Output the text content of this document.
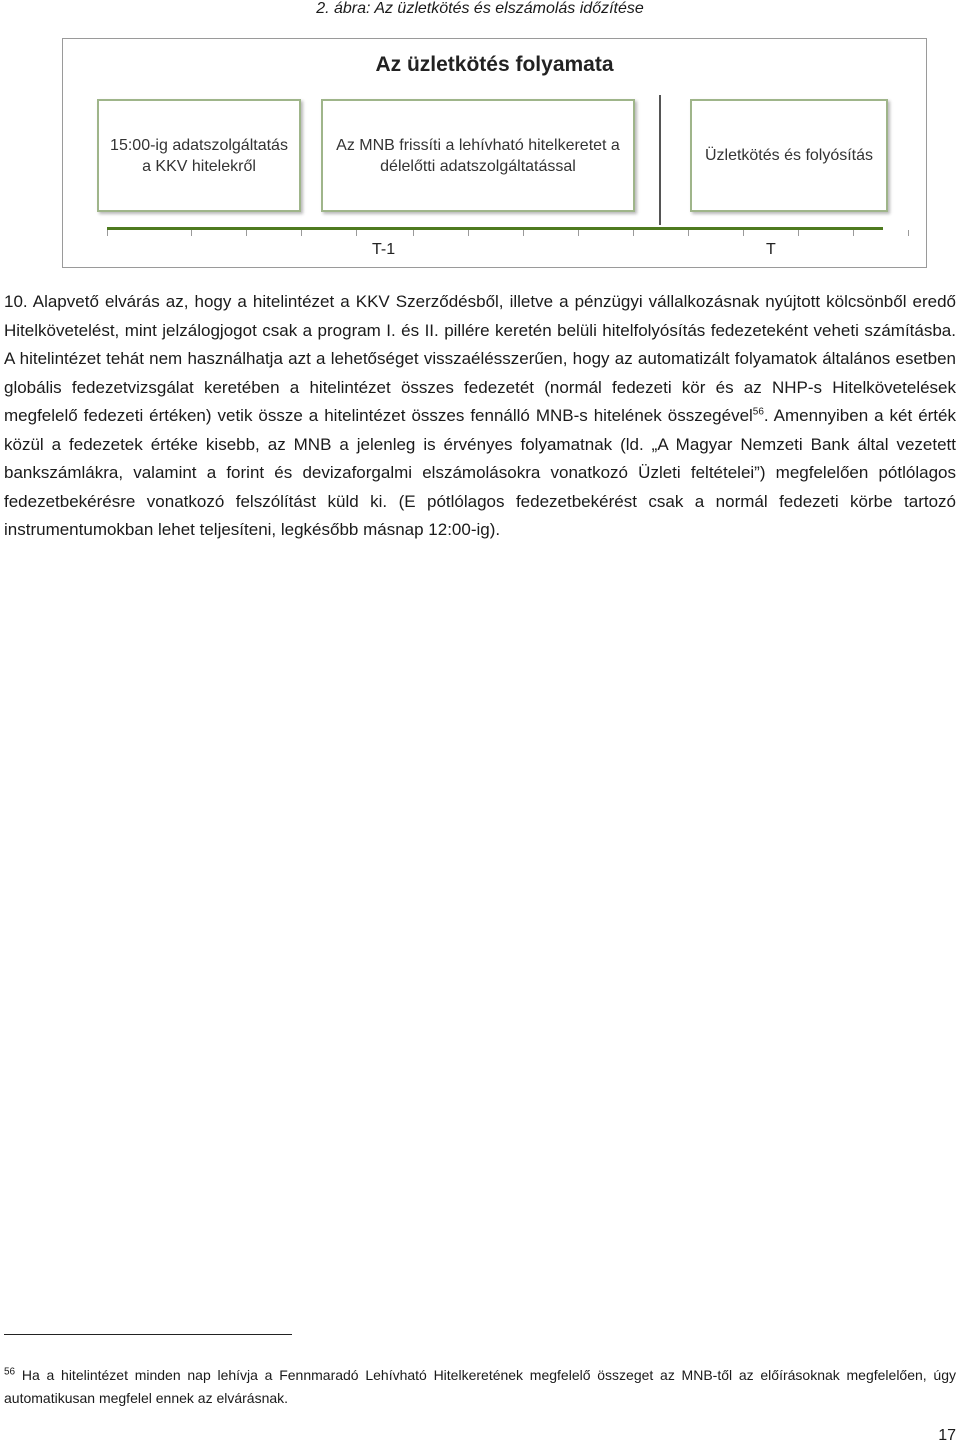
2. ábra: Az üzletkötés és elszámolás időzítése
Az üzletkötés folyamata
15:00-ig adatszolgáltatás a KKV hitelekről
Az MNB frissíti a lehívható hitelkeretet a délelőtti adatszolgáltatással
Üzletkötés és folyósítás
T-1	T
10. Alapvető elvárás az, hogy a hitelintézet a KKV Szerződésből, illetve a pénzügyi vállalkozásnak nyújtott kölcsönből eredő Hitelkövetelést, mint jelzálogjogot csak a program I. és II. pillére keretén belüli hitelfolyósítás fedezeteként veheti számításba. A hitelintézet tehát nem használhatja azt a lehetőséget visszaélésszerűen, hogy az automatizált folyamatok általános esetben globális fedezetvizsgálat keretében a hitelintézet összes fedezetét (normál fedezeti kör és az NHP-s Hitelkövetelések megfelelő fedezeti értéken) vetik össze a hitelintézet összes fennálló MNB-s hitelének összegével$^{56}$. Amennyiben a két érték közül a fedezetek értéke kisebb, az MNB a jelenleg is érvényes folyamatnak (ld. „A Magyar Nemzeti Bank által vezetett bankszámlákra, valamint a forint és devizaforgalmi elszámolásokra vonatkozó Üzleti feltételei”) megfelelően pótlólagos fedezetbekérésre vonatkozó felszólítást küld ki. (E pótlólagos fedezetbekérést csak a normál fedezeti körbe tartozó instrumentumokban lehet teljesíteni, legkésőbb másnap 12:00-ig).
$^{56}$ Ha a hitelintézet minden nap lehívja a Fennmaradó Lehívható Hitelkeretének megfelelő összeget az MNB-től az előírásoknak megfelelően, úgy automatikusan megfelel ennek az elvárásnak.
17
